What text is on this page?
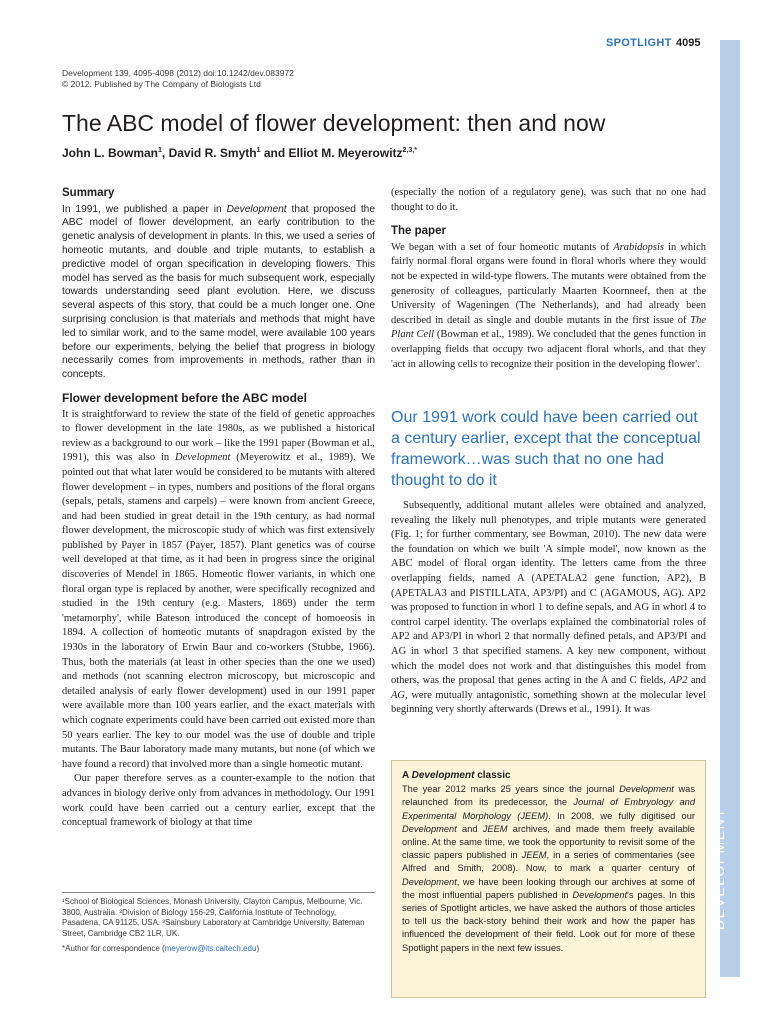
SPOTLIGHT 4095
DEVELOPMENT
Development 139, 4095-4098 (2012) doi:10.1242/dev.083972
© 2012. Published by The Company of Biologists Ltd
The ABC model of flower development: then and now
John L. Bowman$^1$, David R. Smyth$^1$ and Elliot M. Meyerowitz$^{2,3,*}$
Summary

In 1991, we published a paper in Development that proposed the ABC model of flower development, an early contribution to the genetic analysis of development in plants. In this, we used a series of homeotic mutants, and double and triple mutants, to establish a predictive model of organ specification in developing flowers. This model has served as the basis for much subsequent work, especially towards understanding seed plant evolution. Here, we discuss several aspects of this story, that could be a much longer one. One surprising conclusion is that materials and methods that might have led to similar work, and to the same model, were available 100 years before our experiments, belying the belief that progress in biology necessarily comes from improvements in methods, rather than in concepts.

Flower development before the ABC model

It is straightforward to review the state of the field of genetic approaches to flower development in the late 1980s, as we published a historical review as a background to our work – like the 1991 paper (Bowman et al., 1991), this was also in Development (Meyerowitz et al., 1989). We pointed out that what later would be considered to be mutants with altered flower development – in types, numbers and positions of the floral organs (sepals, petals, stamens and carpels) – were known from ancient Greece, and had been studied in great detail in the 19th century, as had normal flower development, the microscopic study of which was first extensively published by Payer in 1857 (Payer, 1857). Plant genetics was of course well developed at that time, as it had been in progress since the original discoveries of Mendel in 1865. Homeotic flower variants, in which one floral organ type is replaced by another, were specifically recognized and studied in the 19th century (e.g. Masters, 1869) under the term 'metamorphy', while Bateson introduced the concept of homoeosis in 1894. A collection of homeotic mutants of snapdragon existed by the 1930s in the laboratory of Erwin Baur and co-workers (Stubbe, 1966). Thus, both the materials (at least in other species than the one we used) and methods (not scanning electron microscopy, but microscopic and detailed analysis of early flower development) used in our 1991 paper were available more than 100 years earlier, and the exact materials with which cognate experiments could have been carried out existed more than 50 years earlier. The key to our model was the use of double and triple mutants. The Baur laboratory made many mutants, but none (of which we have found a record) that involved more than a single homeotic mutant.

Our paper therefore serves as a counter-example to the notion that advances in biology derive only from advances in methodology. Our 1991 work could have been carried out a century earlier, except that the conceptual framework of biology at that time

¹School of Biological Sciences, Monash University, Clayton Campus, Melbourne, Vic. 3800, Australia. ²Division of Biology 156-29, California Institute of Technology, Pasadena, CA 91125, USA. ³Sainsbury Laboratory at Cambridge University, Bateman Street, Cambridge CB2 1LR, UK.
*Author for correspondence (meyerow@its.caltech.edu)

(especially the notion of a regulatory gene), was such that no one had thought to do it.

The paper

We began with a set of four homeotic mutants of Arabidopsis in which fairly normal floral organs were found in floral whorls where they would not be expected in wild-type flowers. The mutants were obtained from the generosity of colleagues, particularly Maarten Koornneef, then at the University of Wageningen (The Netherlands), and had already been described in detail as single and double mutants in the first issue of The Plant Cell (Bowman et al., 1989). We concluded that the genes function in overlapping fields that occupy two adjacent floral whorls, and that they 'act in allowing cells to recognize their position in the developing flower'.

Our 1991 work could have been carried out a century earlier, except that the conceptual framework…was such that no one had thought to do it

Subsequently, additional mutant alleles were obtained and analyzed, revealing the likely null phenotypes, and triple mutants were generated (Fig. 1; for further commentary, see Bowman, 2010). The new data were the foundation on which we built 'A simple model', now known as the ABC model of floral organ identity. The letters came from the three overlapping fields, named A (APETALA2 gene function, AP2), B (APETALA3 and PISTILLATA, AP3/PI) and C (AGAMOUS, AG). AP2 was proposed to function in whorl 1 to define sepals, and AG in whorl 4 to control carpel identity. The overlaps explained the combinatorial roles of AP2 and AP3/PI in whorl 2 that normally defined petals, and AP3/PI and AG in whorl 3 that specified stamens. A key new component, without which the model does not work and that distinguishes this model from others, was the proposal that genes acting in the A and C fields, AP2 and AG, were mutually antagonistic, something shown at the molecular level beginning very shortly afterwards (Drews et al., 1991). It was

A Development classic
The year 2012 marks 25 years since the journal Development was relaunched from its predecessor, the Journal of Embryology and Experimental Morphology (JEEM). In 2008, we fully digitised our Development and JEEM archives, and made them freely available online. At the same time, we took the opportunity to revisit some of the classic papers published in JEEM, in a series of commentaries (see Alfred and Smith, 2008). Now, to mark a quarter century of Development, we have been looking through our archives at some of the most influential papers published in Development's pages. In this series of Spotlight articles, we have asked the authors of those articles to tell us the back-story behind their work and how the paper has influenced the development of their field. Look out for more of these Spotlight papers in the next few issues.
